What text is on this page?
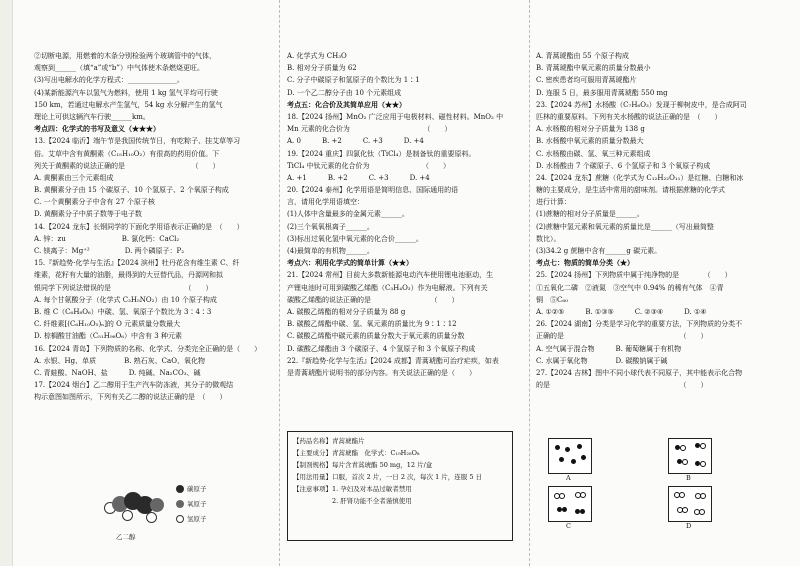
②切断电源，用燃着的木条分别检验两个玻璃管中的气体，
观察到______（填“a”或“b”）中气体使木条燃烧更旺。
(3)写出电解水的化学方程式：______________。
(4)某新能源汽车以氢气为燃料，使用 1 kg 氢气平均可行驶
150 km，若通过电解水产生氢气，54 kg 水分解产生的氢气
理论上可供这辆汽车行驶______km。
考点四：化学式的书写及意义（★★★）
13.【2024 临沂】端午节是我国传统节日，有吃粽子、挂艾草等习
俗。艾草中含有黄酮素（C₁₅H₁₀O₂）有很高的药用价值。下
列关于黄酮素的说法正确的是　　　　　　　　　　（　　）
A. 黄酮素由三个元素组成
B. 黄酮素分子由 15 个碳原子、10 个氢原子、2 个氧原子构成
C. 一个黄酮素分子中含有 27 个原子核
D. 黄酮素分子中质子数等于电子数
14.【2024 龙东】长钢同学的下面化学用语表示正确的是　（　　）
A. 锌：zu　　　　　　　　B. 氯化钙：CaCl₂
C. 镁离子：Mg⁺²　　　　　D. 两个磷原子：P₂
15.『新趋势·化学与生活』【2024 滨州】牡丹花含有维生素 C、纤
维素，花籽有大量的油脂，最得到的大豆替代品，丹源网和拟
银同学下列说法错误的是　　　　　　　　　　　（　　）
A. 每个甘氨酸分子（化学式 C₂H₅NO₂）由 10 个原子构成
B. 维 C（C₆H₈O₆）中碳、氢、氧原子个数比为 3∶4∶3
C. 纤维素[(C₆H₁₀O₅)ₙ]的 O 元素质量分数最大
D. 棕榈酸甘油酯（C₅₁H₉₈O₆）中含有 3 种元素
16.【2024 青岛】下列物质的名称、化学式、分类完全正确的是（　　）
A. 水银、Hg、单质　　　　B. 熟石灰、CaO、氧化物
C. 青蛙酸、NaOH、盐　　　D. 纯碱、Na₂CO₃、碱
17.【2024 烟台】乙二醇用于生产汽车防冻液，其分子的微观结
构示意图如图所示，下列有关乙二醇的说法正确的是　（　　）
A. 化学式为 CH₃O
B. 相对分子质量为 62
C. 分子中碳原子和氢原子的个数比为 1∶1
D. 一个乙二醇分子由 10 个元素组成
考点五：化合价及其简单应用（★★）
18.【2024 扬州】MnO₂ 广泛应用于电极材料、磁性材料。MnO₂ 中
Mn 元素的化合价为　　　　　　　　　　　（　　）
A. 0　　　B. +2　　　C. +3　　　D. +4
19.【2024 重庆】四氯化钛（TiCl₄）是制备钛的重要原料。
TiCl₄ 中钛元素的化合价为　　　　　　　　（　　）
A. +1　　　B. +2　　　C. +3　　　D. +4
20.【2024 泰州】化学用语是简明信息、国际通用的语
言，请用化学用语填空：
(1)人体中含量最多的金属元素______。
(2)三个氧氧根离子______。
(3)标出过氧化氢中氧元素的化合价______。
(4)最简单的有机物______。
考点六：利用化学式的简单计算（★★）
21.【2024 常州】目前大多数新能源电动汽车使用锂电池驱动，生
产锂电池时可用到碳酸乙烯酯（C₃H₄O₃）作为电解液。下列有关
碳酸乙烯酯的说法正确的是　　　　　　　　　（　　）
A. 碳酸乙烯酯的相对分子质量为 88 g
B. 碳酸乙烯酯中碳、氢、氧元素的质量比为 9∶1∶12
C. 碳酸乙烯酯中碳元素的质量分数大于氧元素的质量分数
D. 碳酸乙烯酯由 3 个碳原子、4 个氢原子和 3 个氧原子构成
22.『新趋势·化学与生活』【2024 成都】青蒿琥酯可治疗疟疾，如表
是青蒿琥酯片说明书的部分内容。有关说法正确的是（　　）
A. 青蒿琥酯由 55 个原子构成
B. 青蒿琥酯中氧元素的质量分数最小
C. 密疾患者均可服用青蒿琥酯片
D. 连服 5 日，最多服用青蒿琥酯 550 mg
23.【2024 苏州】水杨酸（C₇H₆O₃）发现于柳树皮中，是合成阿司
匹林的重要原料。下列有关水杨酸的说法正确的是　（　　）
A. 水杨酸的相对分子质量为 138 g
B. 水杨酸中氧元素的质量分数最大
C. 水杨酸由碳、氢、氧三种元素组成
D. 水杨酸由 7 个碳原子、6 个氢原子和 3 个氧原子构成
24.【2024 龙东】蔗糖（化学式为 C₁₂H₂₂O₁₁）是红糖、白糖和冰
糖的主要成分，是生活中常用的甜味剂。请根据蔗糖的化学式
进行计算：
(1)蔗糖的相对分子质量是______。
(2)蔗糖中氢元素和氧元素的质量比是______（写出最简整
数比）。
(3)34.2 g 蔗糖中含有______g 碳元素。
考点七：物质的简单分类（★）
25.【2024 扬州】下列物质中属于纯净物的是　　　　（　　）
①五氧化二磷　②液氮　③空气中 0.94% 的稀有气体　④青
铜　⑤C₆₀
A. ①②⑤　　　B. ①③⑤　　　C. ②③④　　　D. ①④
26.【2024 湖南】分类是学习化学的重要方法，下列物质的分类不
正确的是　　　　　　　　　　　　　　　　　（　　）
A. 空气属于混合物　　　B. 葡萄糖属于有机物
C. 水属于氧化物　　　　D. 碳酸钠属于碱
27.【2024 吉林】图中不同小球代表不同原子，其中能表示化合物
的是　　　　　　　　　　　　　　　　　　　（　　）
乙二醇
碳原子
氧原子
氢原子
【药品名称】青蒿琥酯片
【主要成分】青蒿琥酯　化学式：C₁₉H₂₈O₈
【制剂规格】每片含青蒿琥酯 50 mg，12 片/盒
【用法用量】口服，首次 2 片，一日 2 次，每次 1 片，连服 5 日
【注意事项】1. 孕妇及对本品过敏者禁用
　　　　　　2. 肝肾功能不全者谨慎使用
A	B
C	D
